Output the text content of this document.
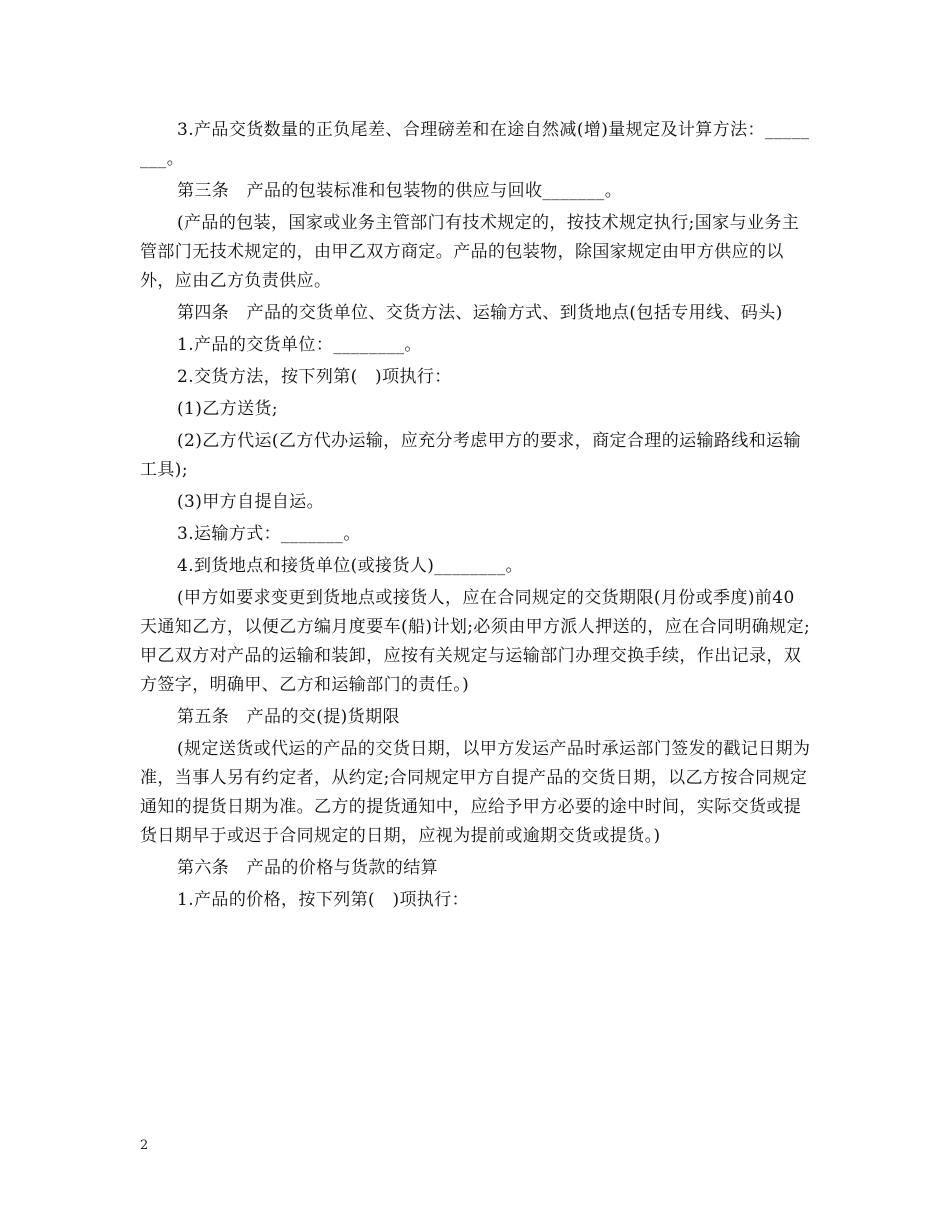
3.产品交货数量的正负尾差、合理磅差和在途自然减(增)量规定及计算方法：________。

第三条　产品的包装标准和包装物的供应与回收_______。

(产品的包装，国家或业务主管部门有技术规定的，按技术规定执行;国家与业务主管部门无技术规定的，由甲乙双方商定。产品的包装物，除国家规定由甲方供应的以外，应由乙方负责供应。

第四条　产品的交货单位、交货方法、运输方式、到货地点(包括专用线、码头)

1.产品的交货单位：________。

2.交货方法，按下列第(　)项执行：

(1)乙方送货;

(2)乙方代运(乙方代办运输，应充分考虑甲方的要求，商定合理的运输路线和运输工具);

(3)甲方自提自运。

3.运输方式：_______。

4.到货地点和接货单位(或接货人)________。

(甲方如要求变更到货地点或接货人，应在合同规定的交货期限(月份或季度)前40天通知乙方，以便乙方编月度要车(船)计划;必须由甲方派人押送的，应在合同明确规定;甲乙双方对产品的运输和装卸，应按有关规定与运输部门办理交换手续，作出记录，双方签字，明确甲、乙方和运输部门的责任。)

第五条　产品的交(提)货期限

(规定送货或代运的产品的交货日期，以甲方发运产品时承运部门签发的戳记日期为准，当事人另有约定者，从约定;合同规定甲方自提产品的交货日期，以乙方按合同规定通知的提货日期为准。乙方的提货通知中，应给予甲方必要的途中时间，实际交货或提货日期早于或迟于合同规定的日期，应视为提前或逾期交货或提货。)

第六条　产品的价格与货款的结算

1.产品的价格，按下列第(　)项执行：

2
